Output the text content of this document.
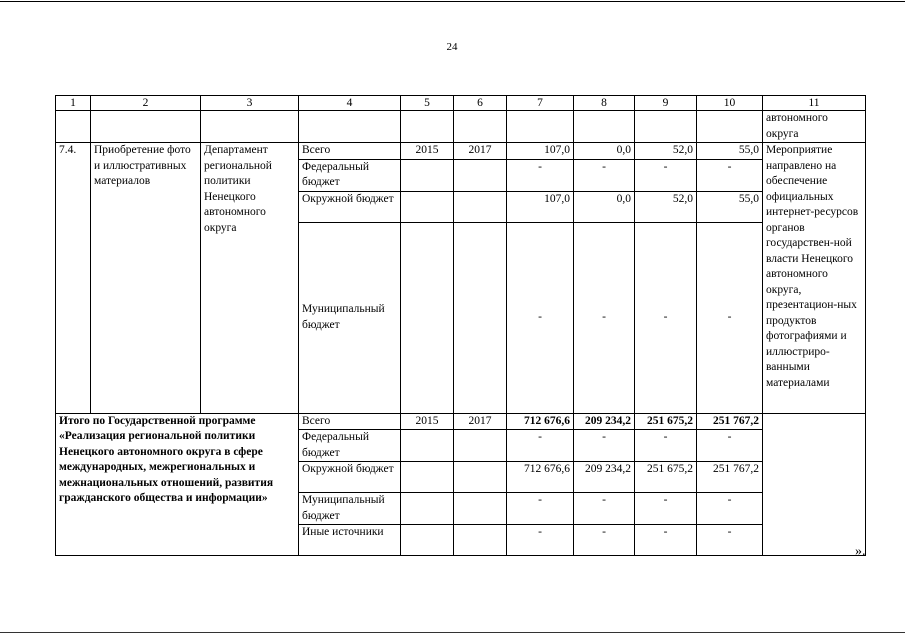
24
1	2	3	4	5	6	7	8	9	10	11
										автономного округа
7.4.	Приобретение фото и иллюстративных материалов	Департамент региональной политики Ненецкого автономного округа	Всего	2015	2017	107,0	0,0	52,0	55,0	Мероприятие направлено на обеспечение официальных интернет-ресурсов органов государствен-ной власти Ненецкого автономного округа, презентацион-ных продуктов фотографиями и иллюстриро-ванными материалами
			Федеральный бюджет			-	-	-	-	
			Окружной бюджет			107,0	0,0	52,0	55,0	
			Муниципальный бюджет			-	-	-	-	
Итого по Государственной программе «Реализация региональной политики Ненецкого автономного округа в сфере международных, межрегиональных и межнациональных отношений, развития гражданского общества и информации»			Всего	2015	2017	712 676,6	209 234,2	251 675,2	251 767,2	
			Федеральный бюджет			-	-	-	-	
			Окружной бюджет			712 676,6	209 234,2	251 675,2	251 767,2	
			Муниципальный бюджет			-	-	-	-	
			Иные источники			-	-	-	-	
».
